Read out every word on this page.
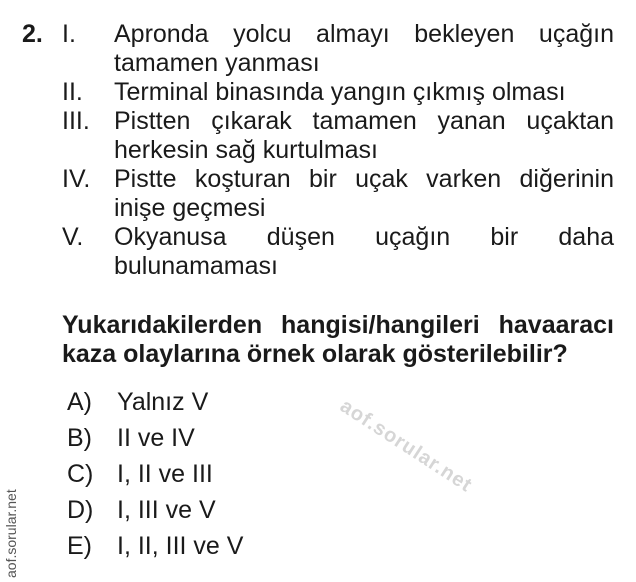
2. I.	Apronda yolcu almayı bekleyen uçağın tamamen yanması
II.	Terminal binasında yangın çıkmış olması
III. Pistten çıkarak tamamen yanan uçaktan herkesin sağ kurtulması
IV. Pistte koşturan bir uçak varken diğerinin inişe geçmesi
V.	Okyanusa düşen uçağın bir daha bulunamaması
Yukarıdakilerden hangisi/hangileri havaaracı kaza olaylarına örnek olarak gösterilebilir?
aof.sorular.net
A)	Yalnız V
B)	II ve IV
C) I, II ve III
D) I, III ve V
E)	I, II, III ve V
aof.sorular.net
